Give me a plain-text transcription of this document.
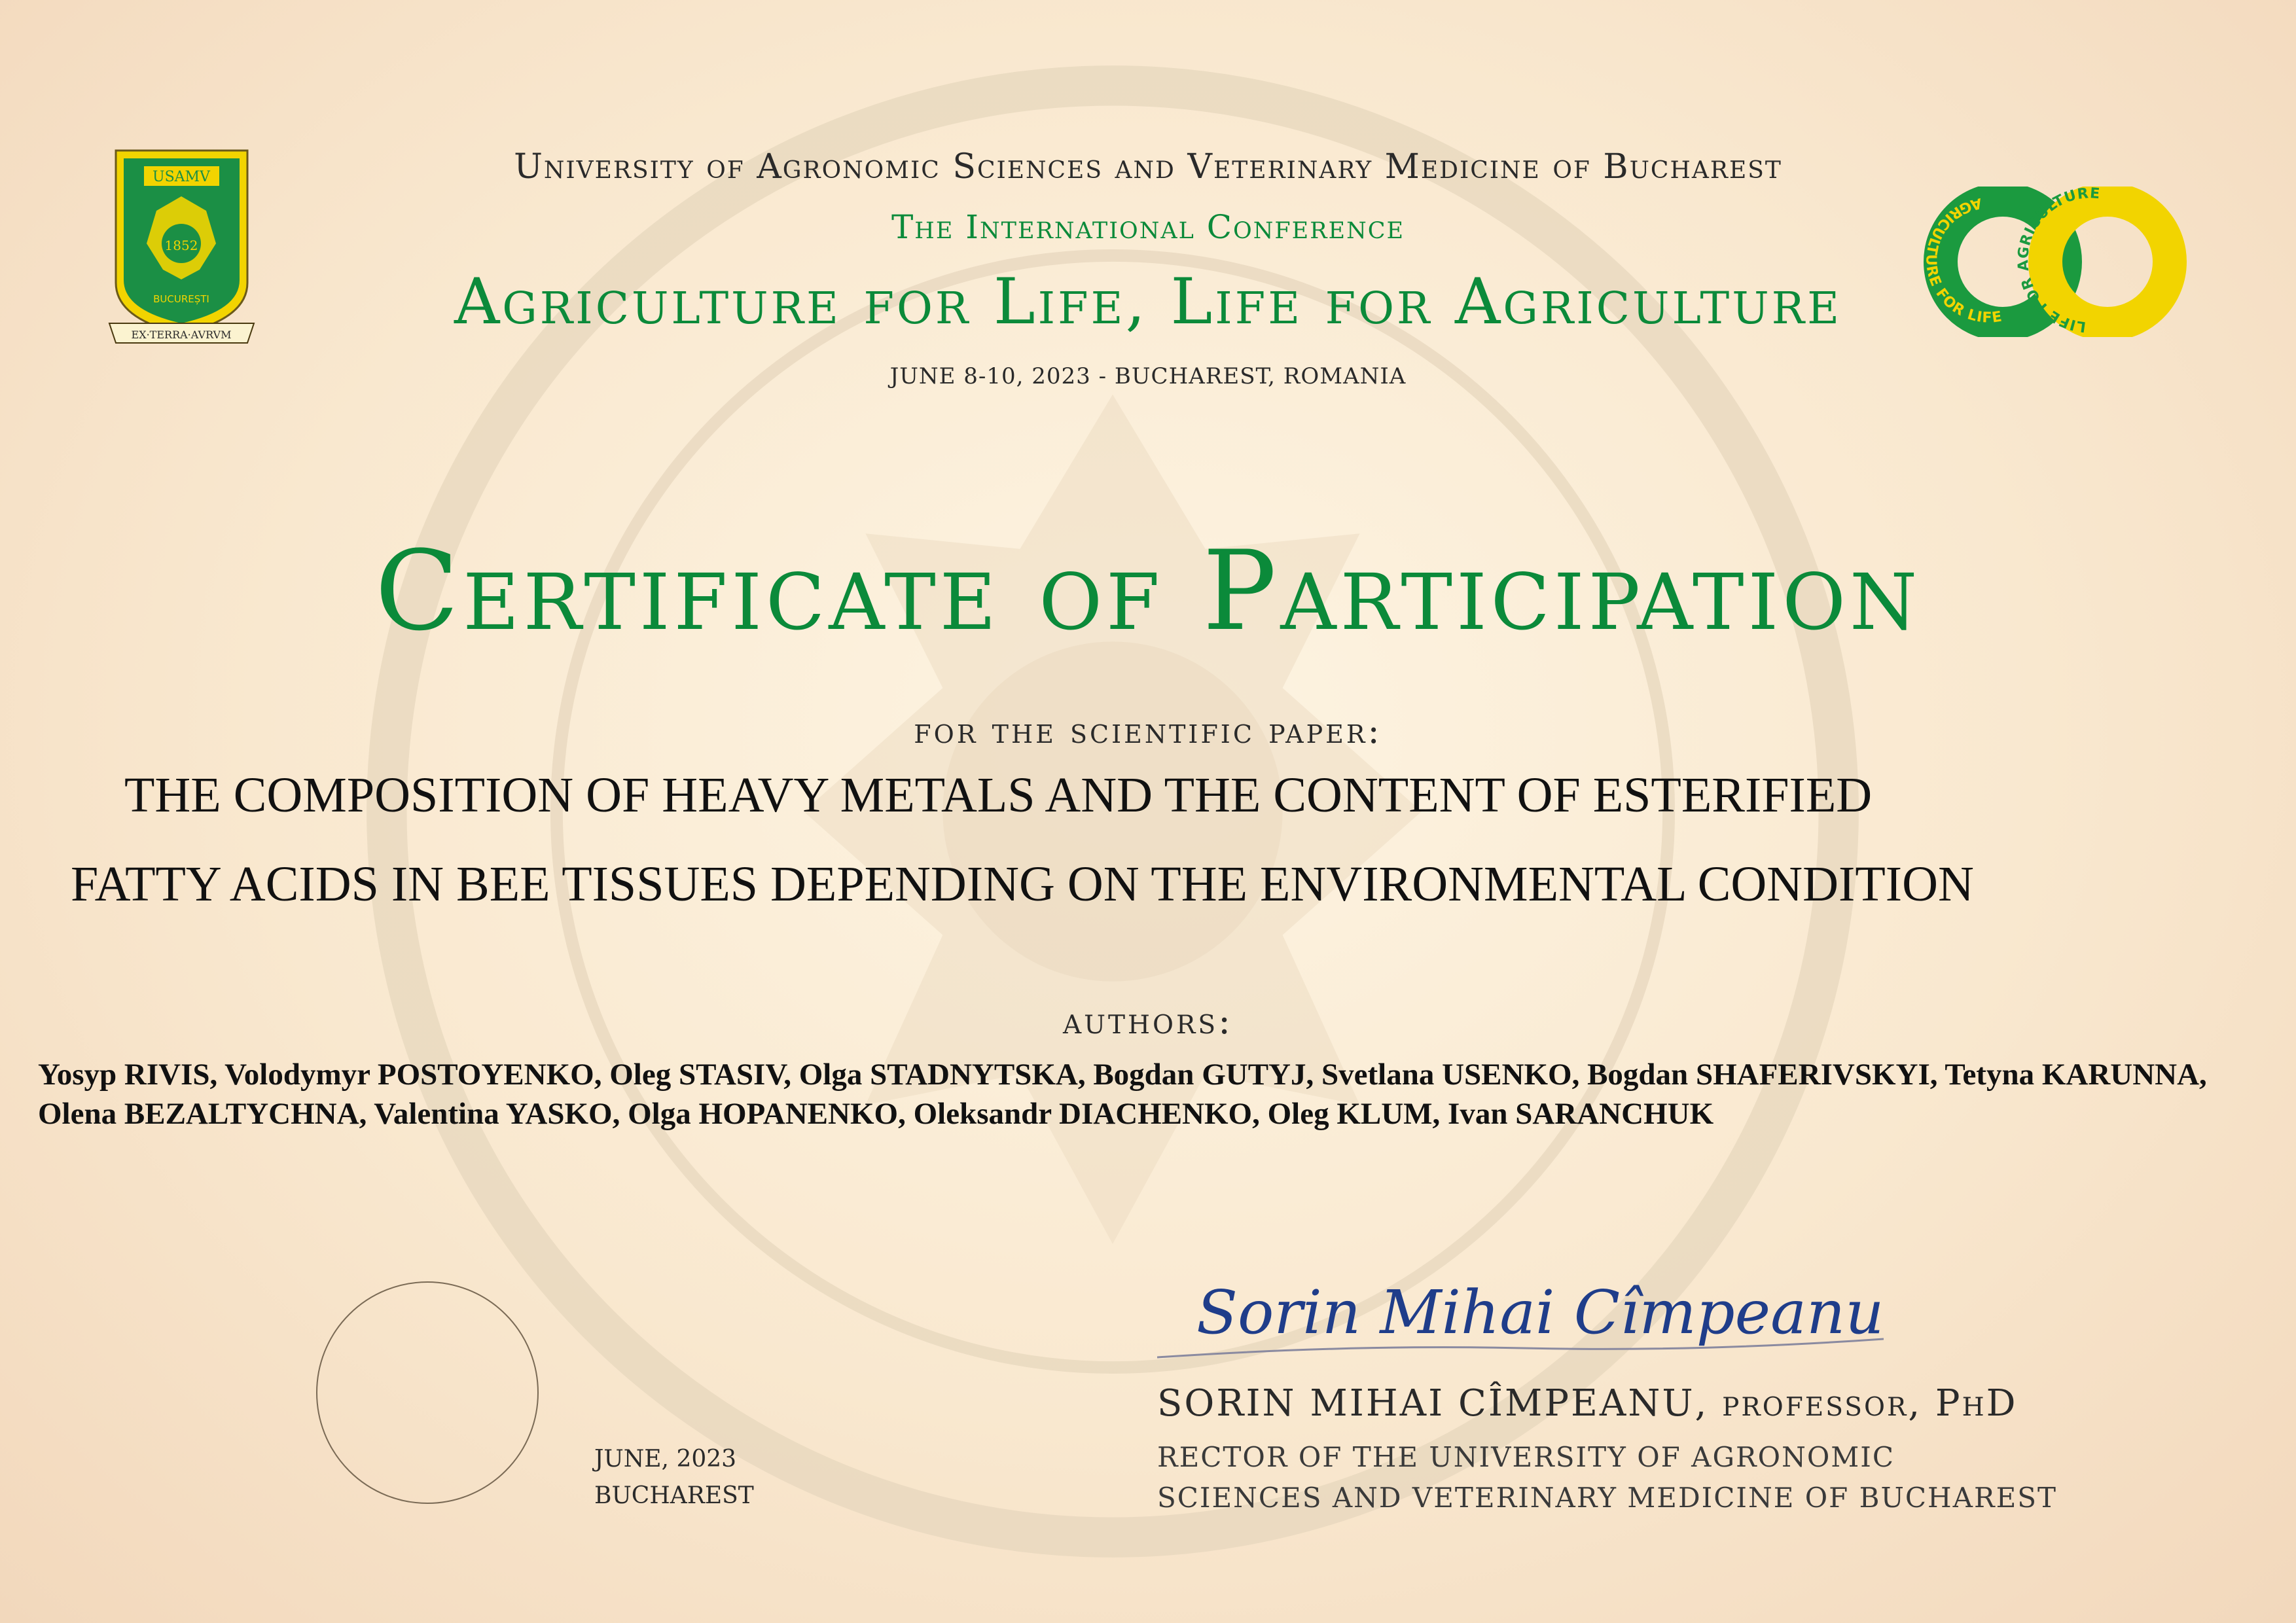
USAMV
1852
BUCUREȘTI
EX·TERRA·AVRVM
LIFE FOR AGRICULTURE
AGRICULTURE FOR LIFE
University of Agronomic Sciences and Veterinary Medicine of Bucharest
The International Conference
Agriculture for Life, Life for Agriculture
JUNE 8-10, 2023 - BUCHAREST, ROMANIA
Certificate of Participation
for the scientific paper:
THE COMPOSITION OF HEAVY METALS AND THE CONTENT OF ESTERIFIED
FATTY ACIDS IN BEE TISSUES DEPENDING ON THE ENVIRONMENTAL CONDITION
authors:
Yosyp RIVIS, Volodymyr POSTOYENKO, Oleg STASIV, Olga STADNYTSKA, Bogdan GUTYJ, Svetlana USENKO, Bogdan SHAFERIVSKYI, Tetyna KARUNNA, Olena BEZALTYCHNA, Valentina YASKO, Olga HOPANENKO, Oleksandr DIACHENKO, Oleg KLUM, Ivan SARANCHUK
JUNE, 2023
BUCHAREST
Sorin Mihai Cîmpeanu
SORIN MIHAI CÎMPEANU, professor, PhD
RECTOR OF THE UNIVERSITY OF AGRONOMIC
SCIENCES AND VETERINARY MEDICINE OF BUCHAREST
